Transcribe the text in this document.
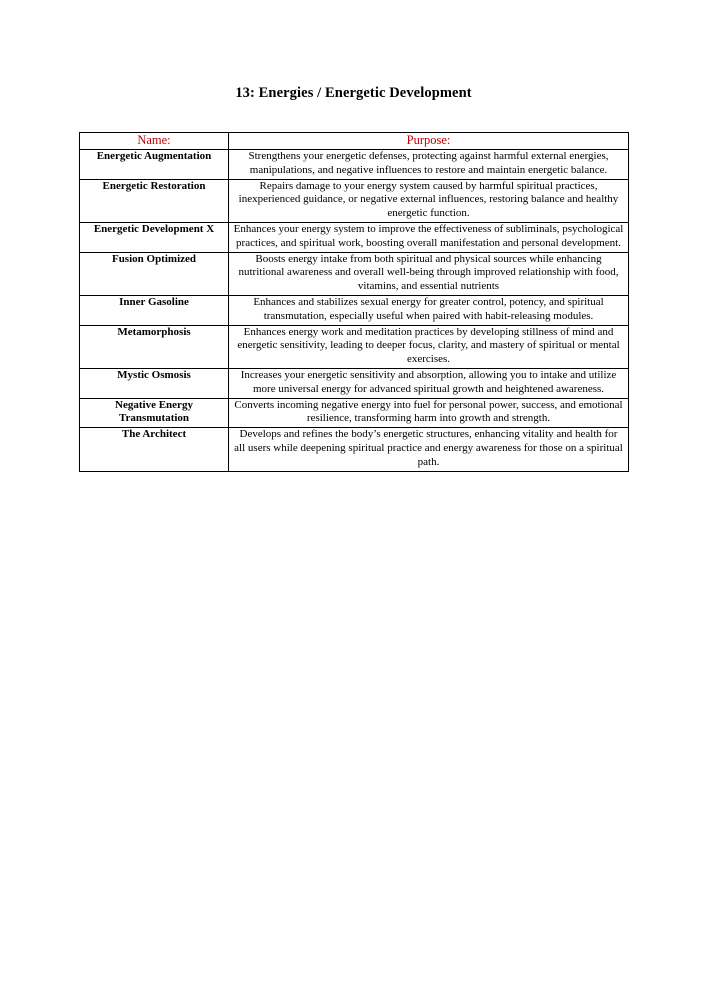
13: Energies / Energetic Development
Name:	Purpose:
Energetic Augmentation	Strengthens your energetic defenses, protecting against harmful external energies, manipulations, and negative influences to restore and maintain energetic balance.
Energetic Restoration	Repairs damage to your energy system caused by harmful spiritual practices, inexperienced guidance, or negative external influences, restoring balance and healthy energetic function.
Energetic Development X	Enhances your energy system to improve the effectiveness of subliminals, psychological practices, and spiritual work, boosting overall manifestation and personal development.
Fusion Optimized	Boosts energy intake from both spiritual and physical sources while enhancing nutritional awareness and overall well-being through improved relationship with food, vitamins, and essential nutrients
Inner Gasoline	Enhances and stabilizes sexual energy for greater control, potency, and spiritual transmutation, especially useful when paired with habit-releasing modules.
Metamorphosis	Enhances energy work and meditation practices by developing stillness of mind and energetic sensitivity, leading to deeper focus, clarity, and mastery of spiritual or mental exercises.
Mystic Osmosis	Increases your energetic sensitivity and absorption, allowing you to intake and utilize more universal energy for advanced spiritual growth and heightened awareness.
Negative Energy Transmutation	Converts incoming negative energy into fuel for personal power, success, and emotional resilience, transforming harm into growth and strength.
The Architect	Develops and refines the body’s energetic structures, enhancing vitality and health for all users while deepening spiritual practice and energy awareness for those on a spiritual path.
